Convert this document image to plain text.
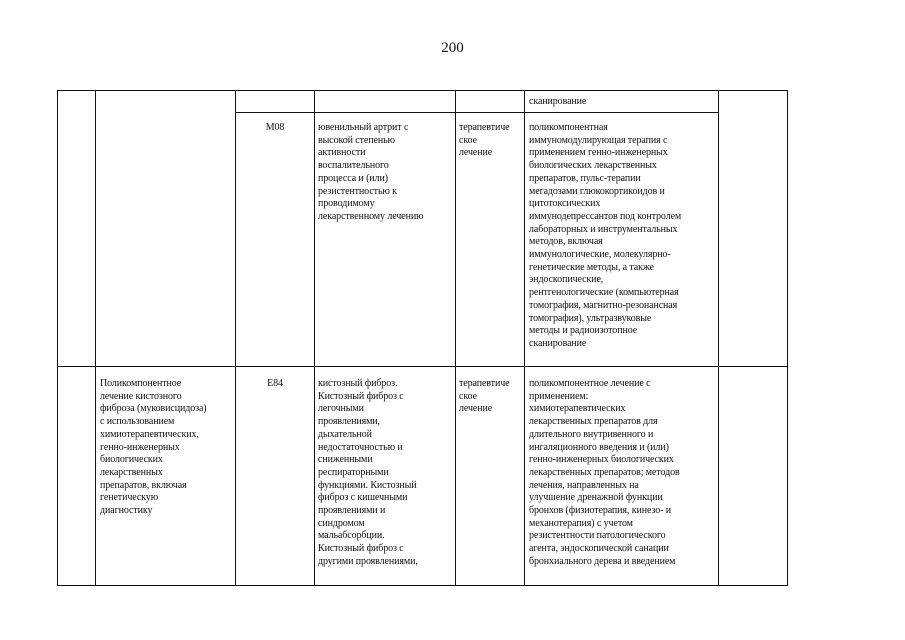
200
сканирование
M08	ювенильный артрит с
высокой степенью
активности
воспалительного
процесса и (или)
резистентностью к
проводимому
лекарственному лечению
терапевтиче
ское
лечение
поликомпонентная
иммуномодулирующая терапия с
применением генно-инженерных
биологических лекарственных
препаратов, пульс-терапии
мегадозами глюкокортикоидов и
цитотоксических
иммунодепрессантов под контролем
лабораторных и инструментальных
методов, включая
иммунологические, молекулярно-
генетические методы, а также
эндоскопические,
рентгенологические (компьютерная
томография, магнитно-резонансная
томография), ультразвуковые
методы и радиоизотопное
сканирование
Поликомпонентное
лечение кистозного
фиброза (муковисцидоза)
с использованием
химиотерапевтических,
генно-инженерных
биологических
лекарственных
препаратов, включая
генетическую
диагностику
E84	кистозный фиброз.
Кистозный фиброз с
легочными
проявлениями,
дыхательной
недостаточностью и
сниженными
респираторными
функциями. Кистозный
фиброз с кишечными
проявлениями и
синдромом
мальабсорбции.
Кистозный фиброз с
другими проявлениями,
терапевтиче
ское
лечение
поликомпонентное лечение с
применением:
химиотерапевтических
лекарственных препаратов для
длительного внутривенного и
ингаляционного введения и (или)
генно-инженерных биологических
лекарственных препаратов; методов
лечения, направленных на
улучшение дренажной функции
бронхов (физиотерапия, кинезо- и
механотерапия) с учетом
резистентности патологического
агента, эндоскопической санации
бронхиального дерева и введением
